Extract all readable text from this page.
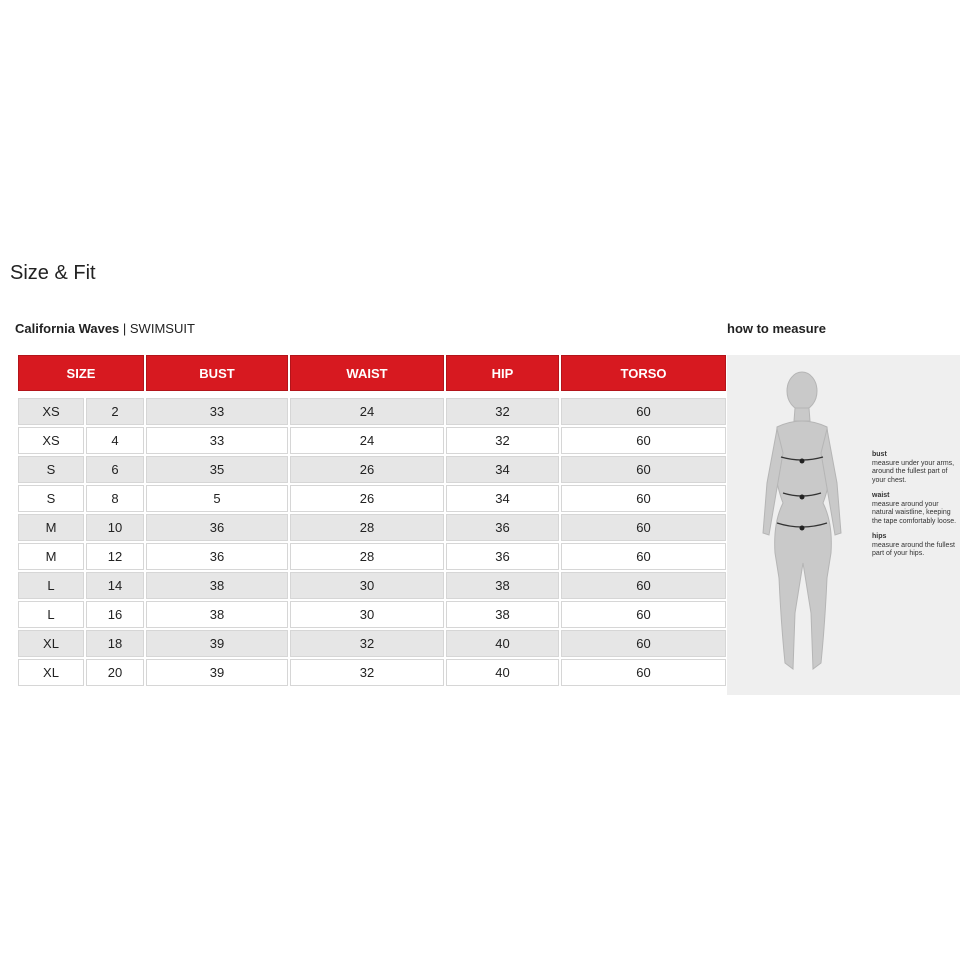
Size & Fit
California Waves | SWIMSUIT	how to measure
SIZE		BUST	WAIST	HIP	TORSO

XS	2	33	24	32	60
XS	4	33	24	32	60
S	6	35	26	34	60
S	8	5	26	34	60
M	10	36	28	36	60
M	12	36	28	36	60
L	14	38	30	38	60
L	16	38	30	38	60
XL	18	39	32	40	60
XL	20	39	32	40	60
bust
measure under your arms, around the fullest part of your chest.
waist
measure around your natural waistline, keeping the tape comfortably loose.
hips
measure around the fullest part of your hips.
